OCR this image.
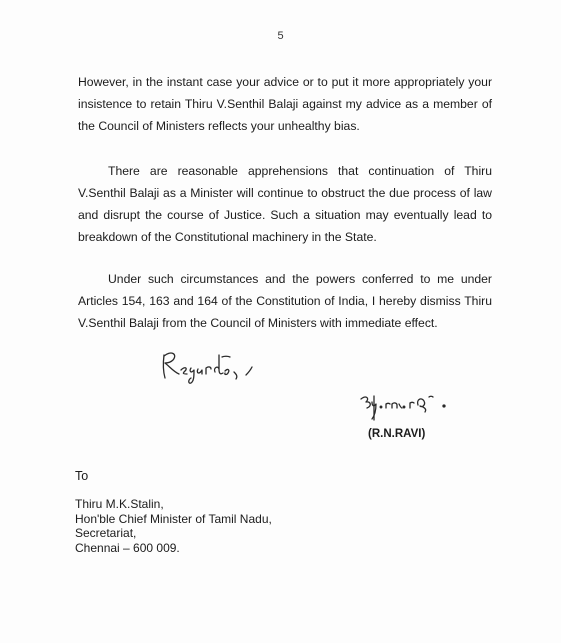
5
However, in the instant case your advice or to put it more appropriately your insistence to retain Thiru V.Senthil Balaji against my advice as a member of the Council of Ministers reflects your unhealthy bias.
There are reasonable apprehensions that continuation of Thiru V.Senthil Balaji as a Minister will continue to obstruct the due process of law and disrupt the course of Justice. Such a situation may eventually lead to breakdown of the Constitutional machinery in the State.
Under such circumstances and the powers conferred to me under Articles 154, 163 and 164 of the Constitution of India, I hereby dismiss Thiru V.Senthil Balaji from the Council of Ministers with immediate effect.
(R.N.RAVI)
To
Thiru M.K.Stalin,
Hon'ble Chief Minister of Tamil Nadu,
Secretariat,
Chennai – 600 009.
